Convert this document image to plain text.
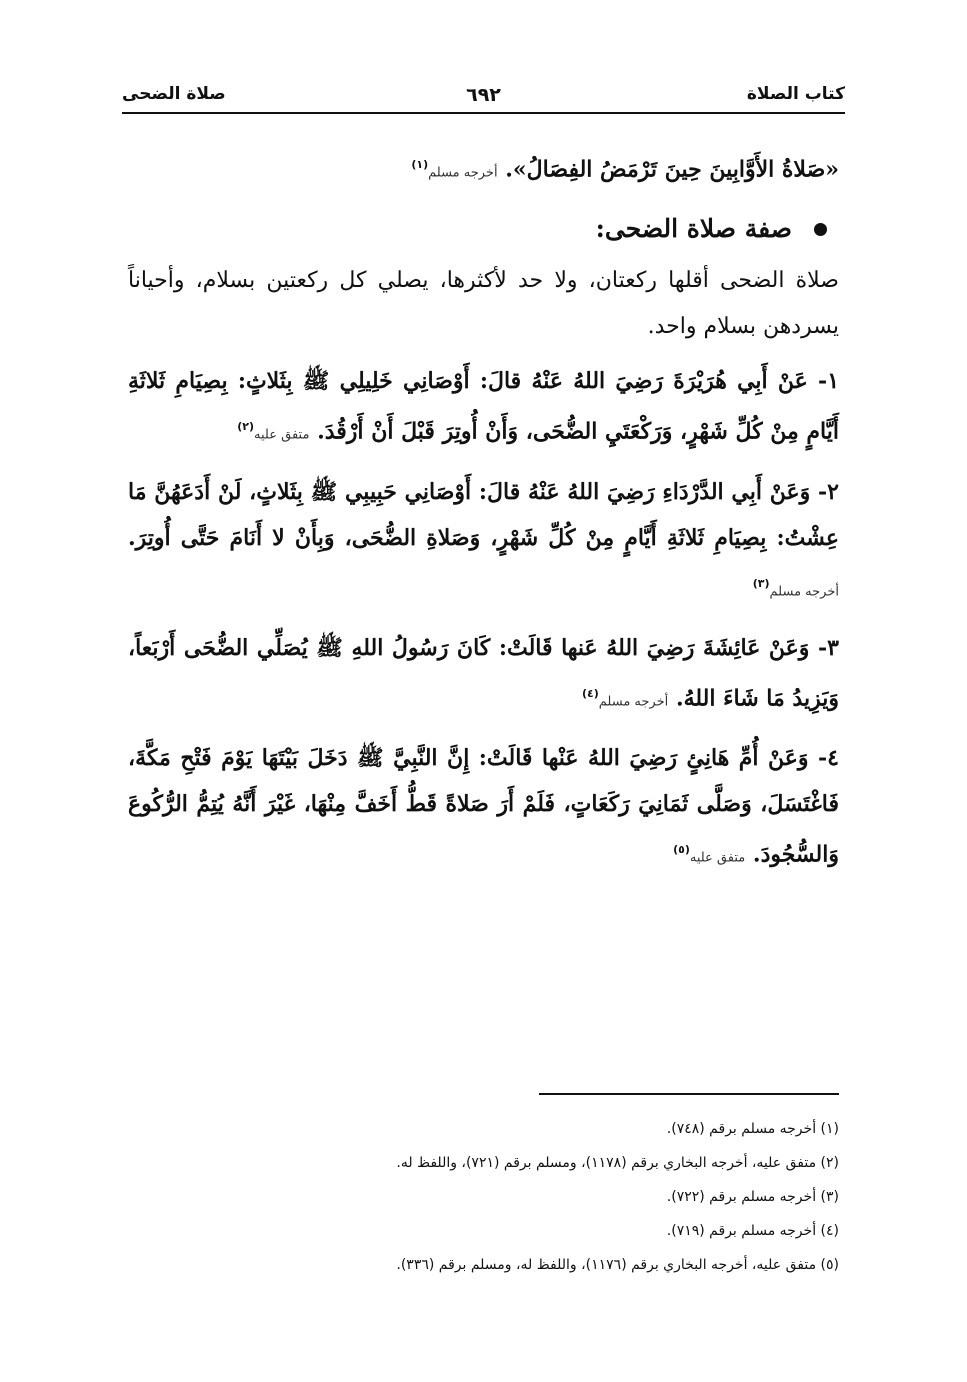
كتاب الصلاة
٦٩٢
صلاة الضحى

«صَلاةُ الأَوَّابِينَ حِينَ تَرْمَضُ الفِصَالُ». أخرجه مسلم$^{(١)}$

صفة صلاة الضحى:

صلاة الضحى أقلها ركعتان، ولا حد لأكثرها، يصلي كل ركعتين بسلام، وأحياناً يسردهن بسلام واحد.

١- عَنْ أَبِي هُرَيْرَةَ رَضِيَ اللهُ عَنْهُ قالَ: أَوْصَانِي خَلِيلِي ﷺ بِثَلاثٍ: بِصِيَامِ ثَلاثَةِ أَيَّامٍ مِنْ كُلِّ شَهْرٍ، وَرَكْعَتَيِ الضُّحَى، وَأَنْ أُوتِرَ قَبْلَ أَنْ أَرْقُدَ. متفق عليه$^{(٢)}$

٢- وَعَنْ أَبِي الدَّرْدَاءِ رَضِيَ اللهُ عَنْهُ قالَ: أَوْصَانِي حَبِيبِي ﷺ بِثَلاثٍ، لَنْ أَدَعَهُنَّ مَا عِشْتُ: بِصِيَامِ ثَلاثَةِ أَيَّامٍ مِنْ كُلِّ شَهْرٍ، وَصَلاةِ الضُّحَى، وَبِأَنْ لا أَنَامَ حَتَّى أُوتِرَ. أخرجه مسلم$^{(٣)}$

٣- وَعَنْ عَائِشَةَ رَضِيَ اللهُ عَنها قَالَتْ: كَانَ رَسُولُ اللهِ ﷺ يُصَلِّي الضُّحَى أَرْبَعاً، وَيَزِيدُ مَا شَاءَ اللهُ. أخرجه مسلم$^{(٤)}$

٤- وَعَنْ أُمِّ هَانِئٍ رَضِيَ اللهُ عَنْها قَالَتْ: إِنَّ النَّبِيَّ ﷺ دَخَلَ بَيْتَهَا يَوْمَ فَتْحِ مَكَّةَ، فَاغْتَسَلَ، وَصَلَّى ثَمَانِيَ رَكَعَاتٍ، فَلَمْ أَرَ صَلاةً قَطُّ أَخَفَّ مِنْهَا، غَيْرَ أَنَّهُ يُتِمُّ الرُّكُوعَ وَالسُّجُودَ. متفق عليه$^{(٥)}$

(١) أخرجه مسلم برقم (٧٤٨).

(٢) متفق عليه، أخرجه البخاري برقم (١١٧٨)، ومسلم برقم (٧٢١)، واللفظ له.

(٣) أخرجه مسلم برقم (٧٢٢).

(٤) أخرجه مسلم برقم (٧١٩).

(٥) متفق عليه، أخرجه البخاري برقم (١١٧٦)، واللفظ له، ومسلم برقم (٣٣٦).
